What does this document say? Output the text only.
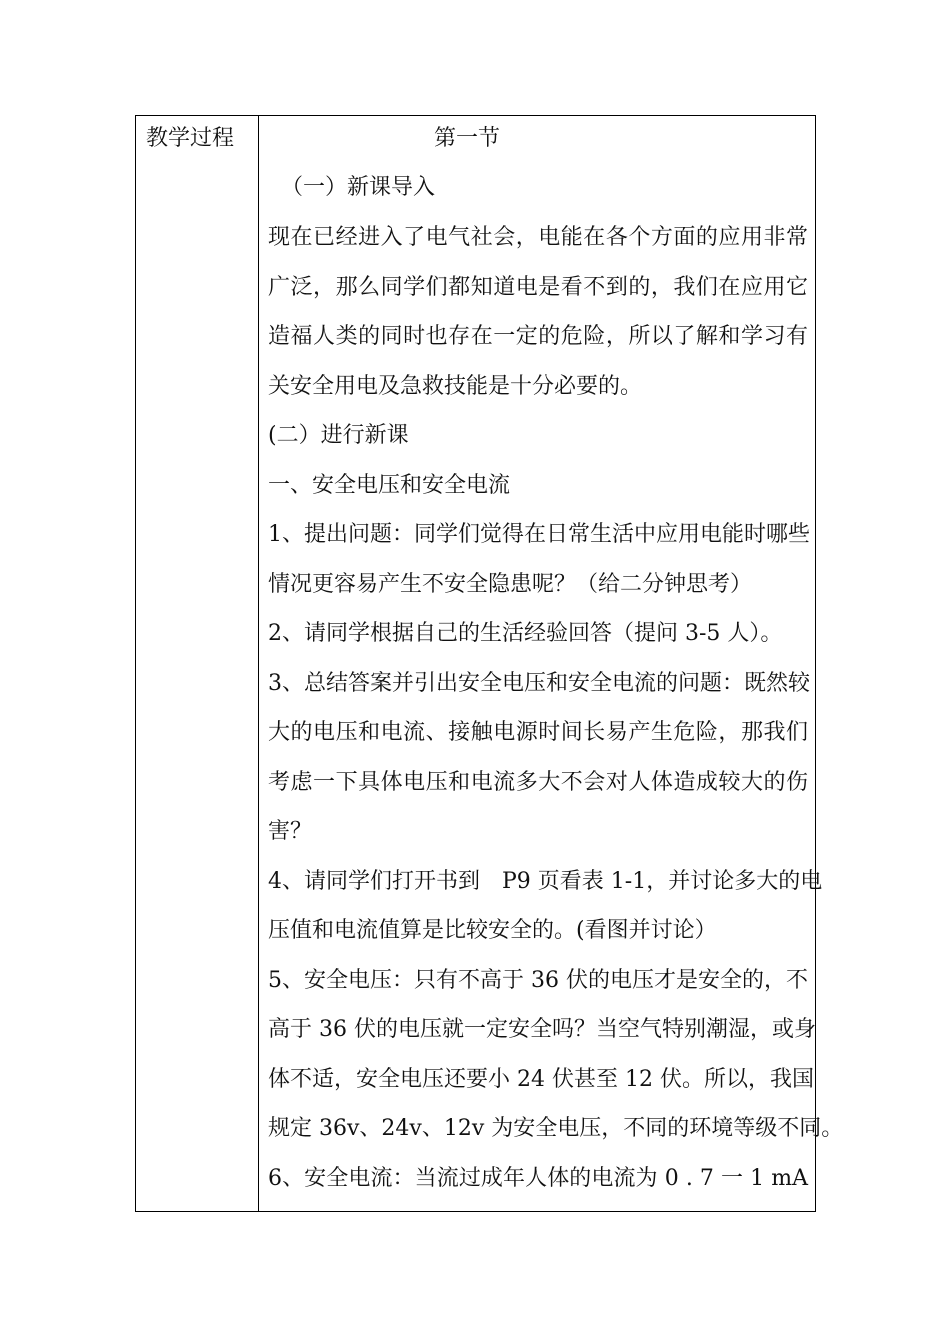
教学过程	第一节
（一）新课导入
现在已经进入了电气社会，电能在各个方面的应用非常
广泛，那么同学们都知道电是看不到的，我们在应用它
造福人类的同时也存在一定的危险，所以了解和学习有
关安全用电及急救技能是十分必要的。
(二）进行新课
一、安全电压和安全电流
1、提出问题：同学们觉得在日常生活中应用电能时哪些
情况更容易产生不安全隐患呢？（给二分钟思考）
2、请同学根据自己的生活经验回答（提问 3-5 人）。
3、总结答案并引出安全电压和安全电流的问题：既然较
大的电压和电流、接触电源时间长易产生危险，那我们
考虑一下具体电压和电流多大不会对人体造成较大的伤
害？
4、请同学们打开书到　P9 页看表 1-1，并讨论多大的电
压值和电流值算是比较安全的。(看图并讨论）
5、安全电压：只有不高于 36 伏的电压才是安全的，不
高于 36 伏的电压就一定安全吗？当空气特别潮湿，或身
体不适，安全电压还要小 24 伏甚至 12 伏。所以，我国
规定 36v、24v、12v 为安全电压，不同的环境等级不同。
6、安全电流：当流过成年人体的电流为 0 . 7 一 1 mA
